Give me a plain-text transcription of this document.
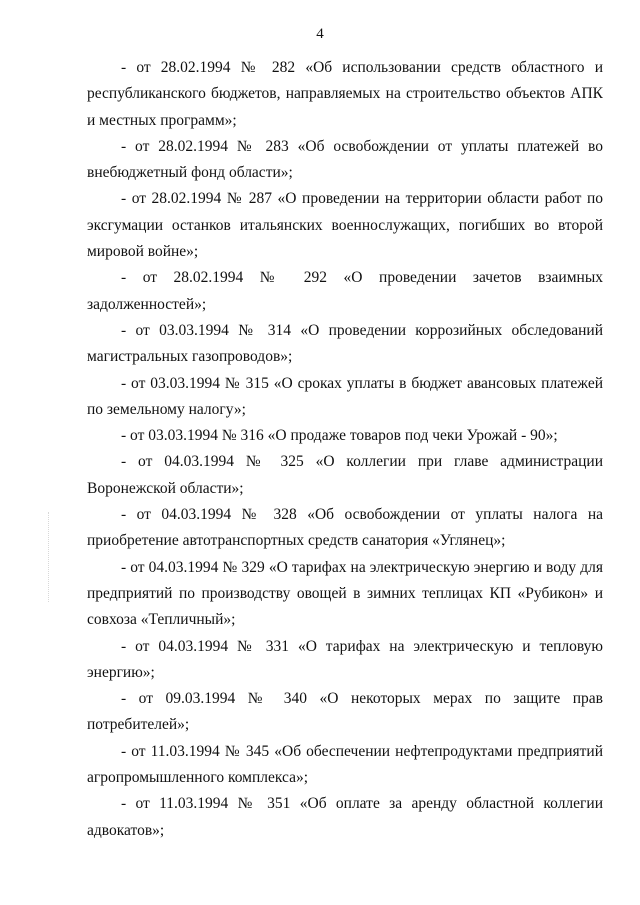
4

- от 28.02.1994 № 282 «Об использовании средств областного и республиканского бюджетов, направляемых на строительство объектов АПК и местных программ»;

- от 28.02.1994 № 283 «Об освобождении от уплаты платежей во внебюджетный фонд области»;

- от 28.02.1994 № 287 «О проведении на территории области работ по эксгумации останков итальянских военнослужащих, погибших во второй мировой войне»;

- от 28.02.1994 № 292 «О проведении зачетов взаимных задолженностей»;

- от 03.03.1994 № 314 «О проведении коррозийных обследований магистральных газопроводов»;

- от 03.03.1994 № 315 «О сроках уплаты в бюджет авансовых платежей по земельному налогу»;

- от 03.03.1994 № 316 «О продаже товаров под чеки Урожай - 90»;

- от 04.03.1994 № 325 «О коллегии при главе администрации Воронежской области»;

- от 04.03.1994 № 328 «Об освобождении от уплаты налога на приобретение автотранспортных средств санатория «Углянец»;

- от 04.03.1994 № 329 «О тарифах на электрическую энергию и воду для предприятий по производству овощей в зимних теплицах КП «Рубикон» и совхоза «Тепличный»;

- от 04.03.1994 № 331 «О тарифах на электрическую и тепловую энергию»;

- от 09.03.1994 № 340 «О некоторых мерах по защите прав потребителей»;

- от 11.03.1994 № 345 «Об обеспечении нефтепродуктами предприятий агропромышленного комплекса»;

- от 11.03.1994 № 351 «Об оплате за аренду областной коллегии адвокатов»;
